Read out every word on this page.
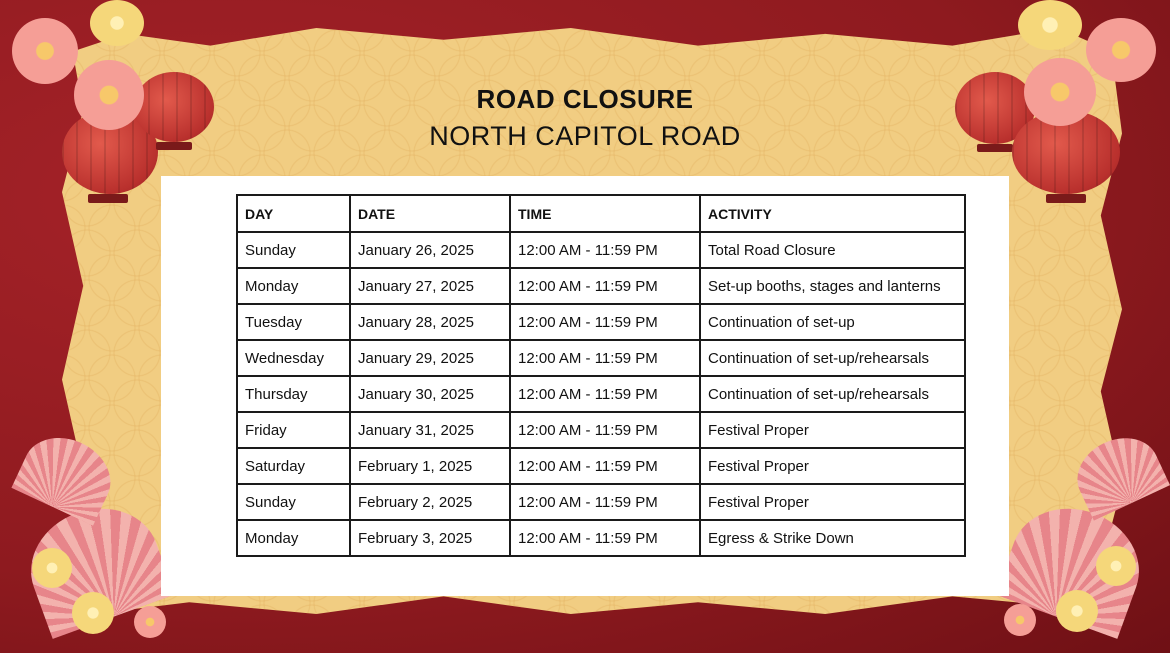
ROAD CLOSURE
NORTH CAPITOL ROAD
DAY	DATE	TIME	ACTIVITY
Sunday	January 26, 2025	12:00 AM - 11:59 PM	Total Road Closure
Monday	January 27, 2025	12:00 AM - 11:59 PM	Set-up booths, stages and lanterns
Tuesday	January 28, 2025	12:00 AM - 11:59 PM	Continuation of set-up
Wednesday	January 29, 2025	12:00 AM - 11:59 PM	Continuation of set-up/rehearsals
Thursday	January 30, 2025	12:00 AM - 11:59 PM	Continuation of set-up/rehearsals
Friday	January 31, 2025	12:00 AM - 11:59 PM	Festival Proper
Saturday	February 1, 2025	12:00 AM - 11:59 PM	Festival Proper
Sunday	February 2, 2025	12:00 AM - 11:59 PM	Festival Proper
Monday	February 3, 2025	12:00 AM - 11:59 PM	Egress & Strike Down
